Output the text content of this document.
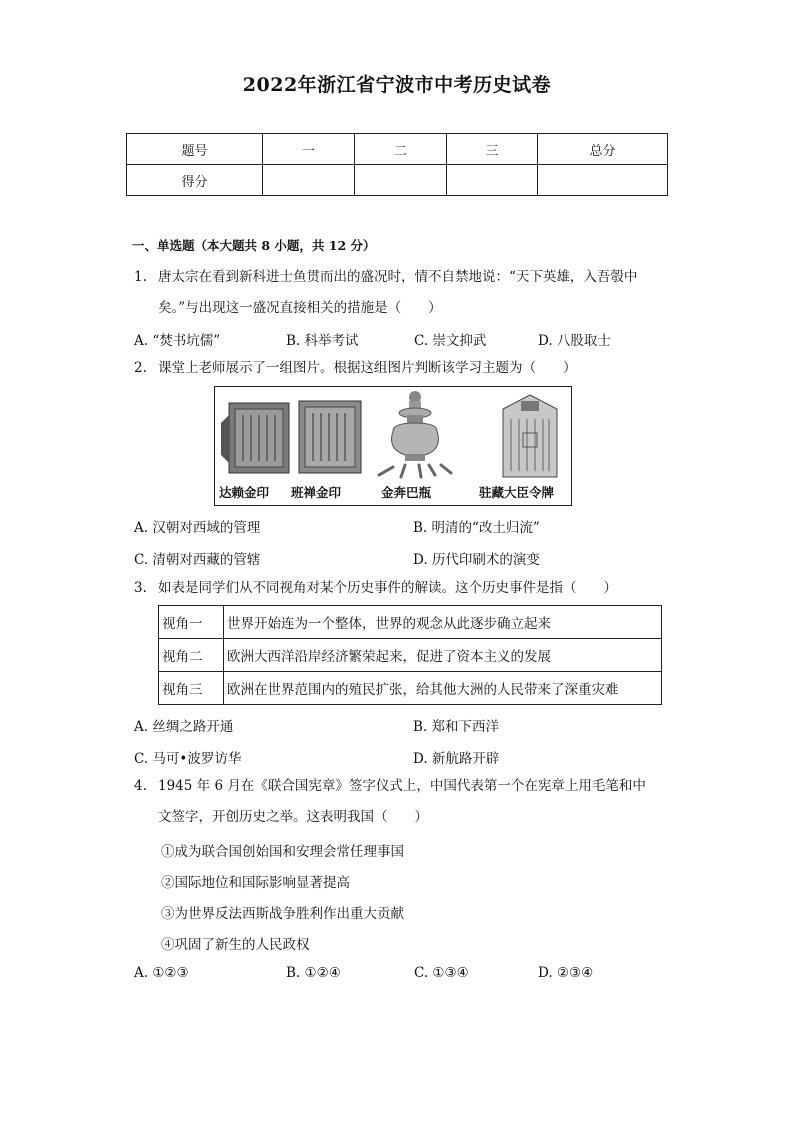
2022年浙江省宁波市中考历史试卷
题号	一	二	三	总分
得分				
一、单选题（本大题共 8 小题，共 12 分）
1. 唐太宗在看到新科进士鱼贯而出的盛况时，情不自禁地说：“天下英雄，入吾彀中
矣。”与出现这一盛况直接相关的措施是（　　）
A. “焚书坑儒”	B. 科举考试	C. 崇文抑武	D. 八股取士
2. 课堂上老师展示了一组图片。根据这组图片判断该学习主题为（　　）
达赖金印 班禅金印	金奔巴瓶	驻藏大臣令牌
A. 汉朝对西域的管理	B. 明清的“改土归流”
C. 清朝对西藏的管辖	D. 历代印刷术的演变
3. 如表是同学们从不同视角对某个历史事件的解读。这个历史事件是指（　　）
视角一	世界开始连为一个整体，世界的观念从此逐步确立起来
视角二	欧洲大西洋沿岸经济繁荣起来，促进了资本主义的发展
视角三	欧洲在世界范围内的殖民扩张，给其他大洲的人民带来了深重灾难
A. 丝绸之路开通	B. 郑和下西洋
C. 马可•波罗访华	D. 新航路开辟
4. 1945 年 6 月在《联合国宪章》签字仪式上，中国代表第一个在宪章上用毛笔和中
文签字，开创历史之举。这表明我国（　　）
①成为联合国创始国和安理会常任理事国
②国际地位和国际影响显著提高
③为世界反法西斯战争胜利作出重大贡献
④巩固了新生的人民政权
A. ①②③	B. ①②④	C. ①③④	D. ②③④
